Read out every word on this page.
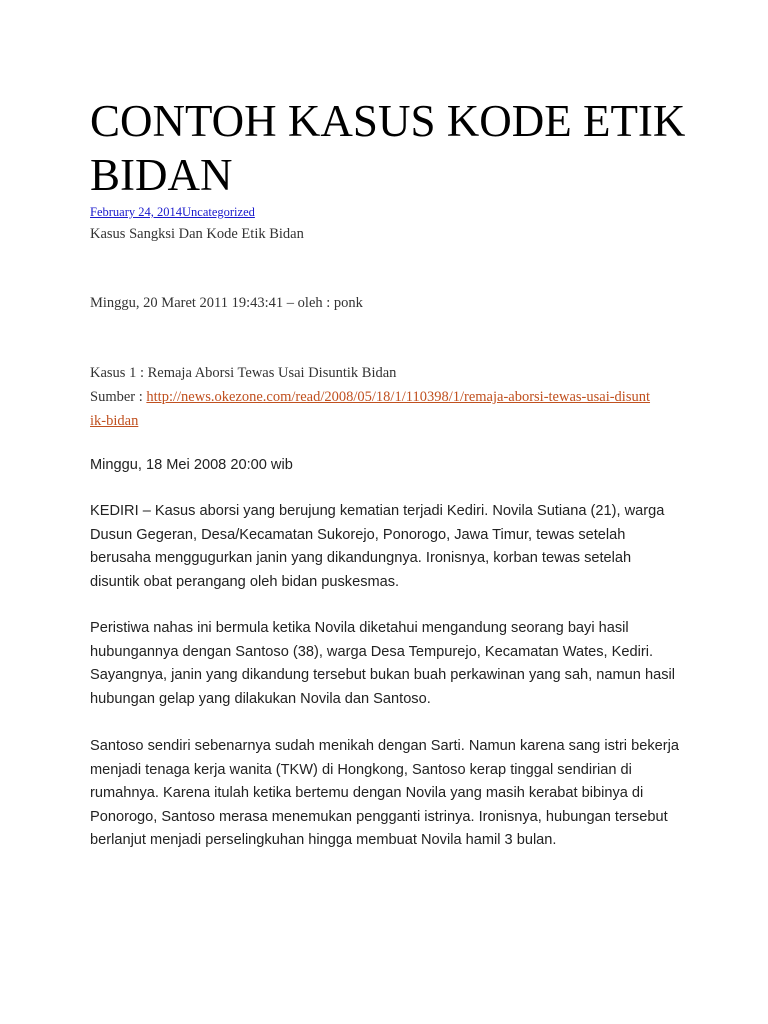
CONTOH KASUS KODE ETIK BIDAN
February 24, 2014Uncategorized
Kasus Sangksi Dan Kode Etik Bidan
Minggu, 20 Maret 2011 19:43:41 – oleh : ponk
Kasus 1 : Remaja Aborsi Tewas Usai Disuntik Bidan
Sumber : http://news.okezone.com/read/2008/05/18/1/110398/1/remaja-aborsi-tewas-usai-disuntik-bidan

Minggu, 18 Mei 2008 20:00 wib

KEDIRI – Kasus aborsi yang berujung kematian terjadi Kediri. Novila Sutiana (21), warga Dusun Gegeran, Desa/Kecamatan Sukorejo, Ponorogo, Jawa Timur, tewas setelah berusaha menggugurkan janin yang dikandungnya. Ironisnya, korban tewas setelah disuntik obat perangang oleh bidan puskesmas.

Peristiwa nahas ini bermula ketika Novila diketahui mengandung seorang bayi hasil hubungannya dengan Santoso (38), warga Desa Tempurejo, Kecamatan Wates, Kediri. Sayangnya, janin yang dikandung tersebut bukan buah perkawinan yang sah, namun hasil hubungan gelap yang dilakukan Novila dan Santoso.

Santoso sendiri sebenarnya sudah menikah dengan Sarti. Namun karena sang istri bekerja menjadi tenaga kerja wanita (TKW) di Hongkong, Santoso kerap tinggal sendirian di rumahnya. Karena itulah ketika bertemu dengan Novila yang masih kerabat bibinya di Ponorogo, Santoso merasa menemukan pengganti istrinya. Ironisnya, hubungan tersebut berlanjut menjadi perselingkuhan hingga membuat Novila hamil 3 bulan.
